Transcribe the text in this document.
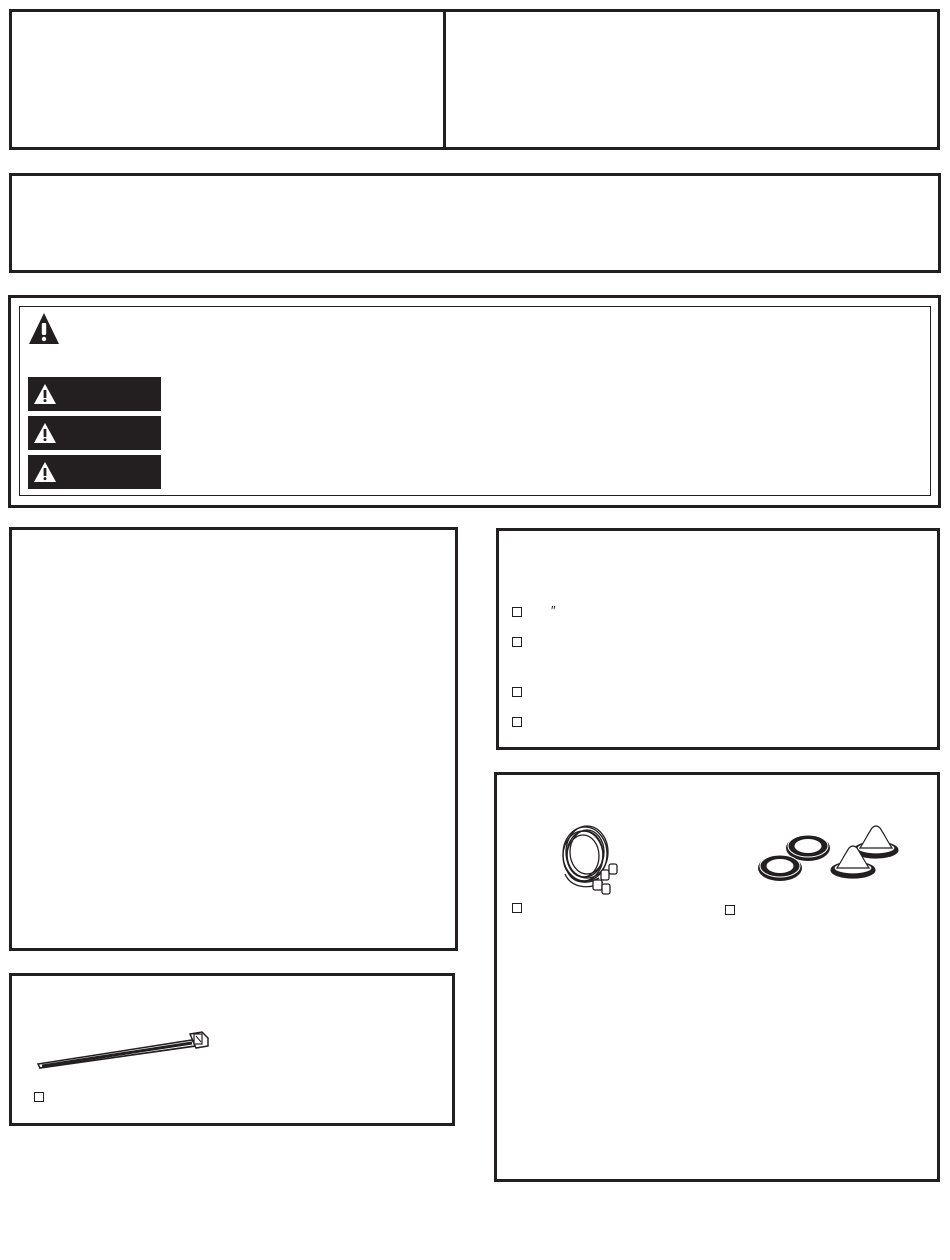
″
